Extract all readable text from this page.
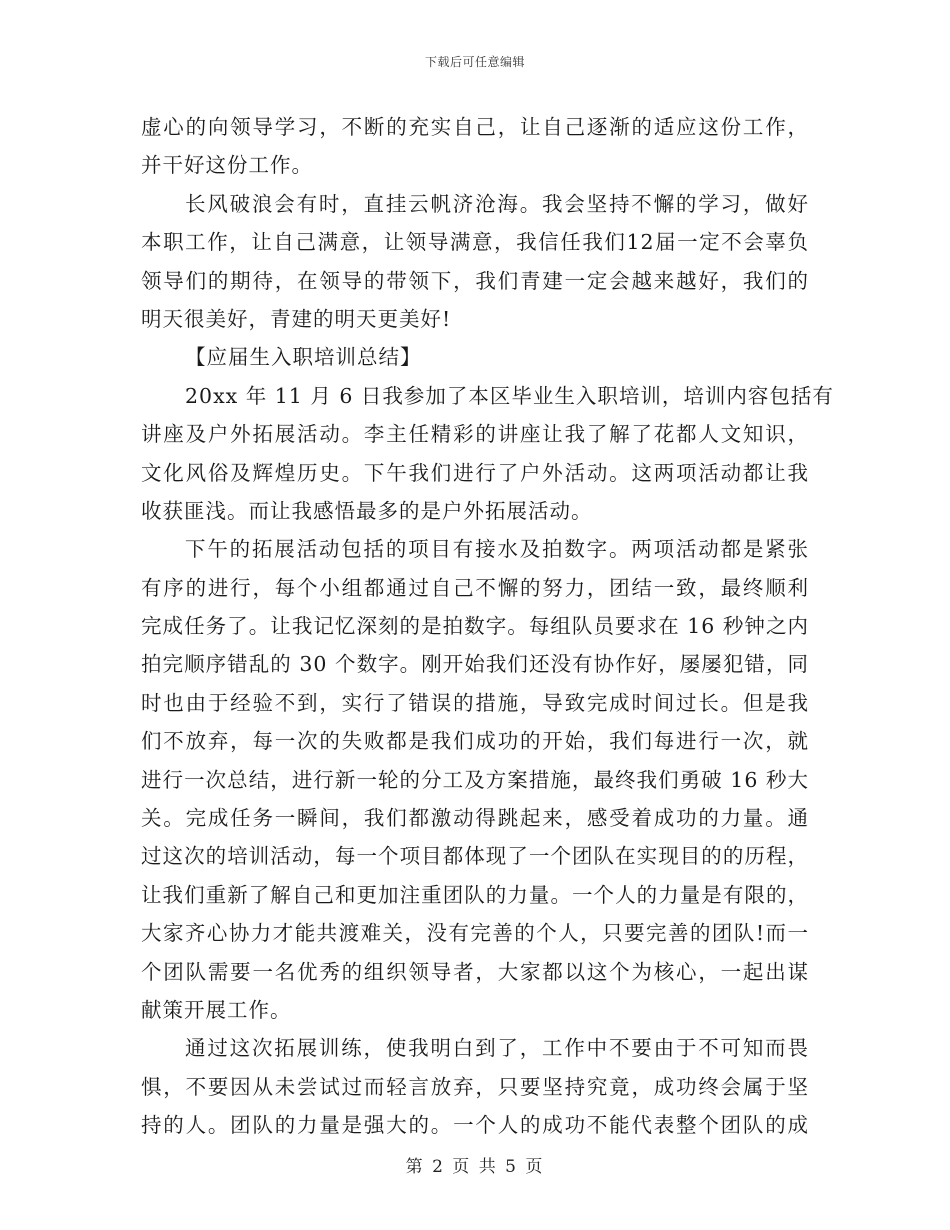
下载后可任意编辑
虚心的向领导学习，不断的充实自己，让自己逐渐的适应这份工作，
并干好这份工作。
长风破浪会有时，直挂云帆济沧海。我会坚持不懈的学习，做好
本职工作，让自己满意，让领导满意，我信任我们12届一定不会辜负
领导们的期待，在领导的带领下，我们青建一定会越来越好，我们的
明天很美好，青建的明天更美好!
【应届生入职培训总结】
20xx 年 11 月 6 日我参加了本区毕业生入职培训，培训内容包括有
讲座及户外拓展活动。李主任精彩的讲座让我了解了花都人文知识，
文化风俗及辉煌历史。下午我们进行了户外活动。这两项活动都让我
收获匪浅。而让我感悟最多的是户外拓展活动。
下午的拓展活动包括的项目有接水及拍数字。两项活动都是紧张
有序的进行，每个小组都通过自己不懈的努力，团结一致，最终顺利
完成任务了。让我记忆深刻的是拍数字。每组队员要求在 16 秒钟之内
拍完顺序错乱的 30 个数字。刚开始我们还没有协作好，屡屡犯错，同
时也由于经验不到，实行了错误的措施，导致完成时间过长。但是我
们不放弃，每一次的失败都是我们成功的开始，我们每进行一次，就
进行一次总结，进行新一轮的分工及方案措施，最终我们勇破 16 秒大
关。完成任务一瞬间，我们都激动得跳起来，感受着成功的力量。通
过这次的培训活动，每一个项目都体现了一个团队在实现目的的历程，
让我们重新了解自己和更加注重团队的力量。一个人的力量是有限的，
大家齐心协力才能共渡难关，没有完善的个人，只要完善的团队!而一
个团队需要一名优秀的组织领导者，大家都以这个为核心，一起出谋
献策开展工作。
通过这次拓展训练，使我明白到了，工作中不要由于不可知而畏
惧，不要因从未尝试过而轻言放弃，只要坚持究竟，成功终会属于坚
持的人。团队的力量是强大的。一个人的成功不能代表整个团队的成
第 2 页 共 5 页
